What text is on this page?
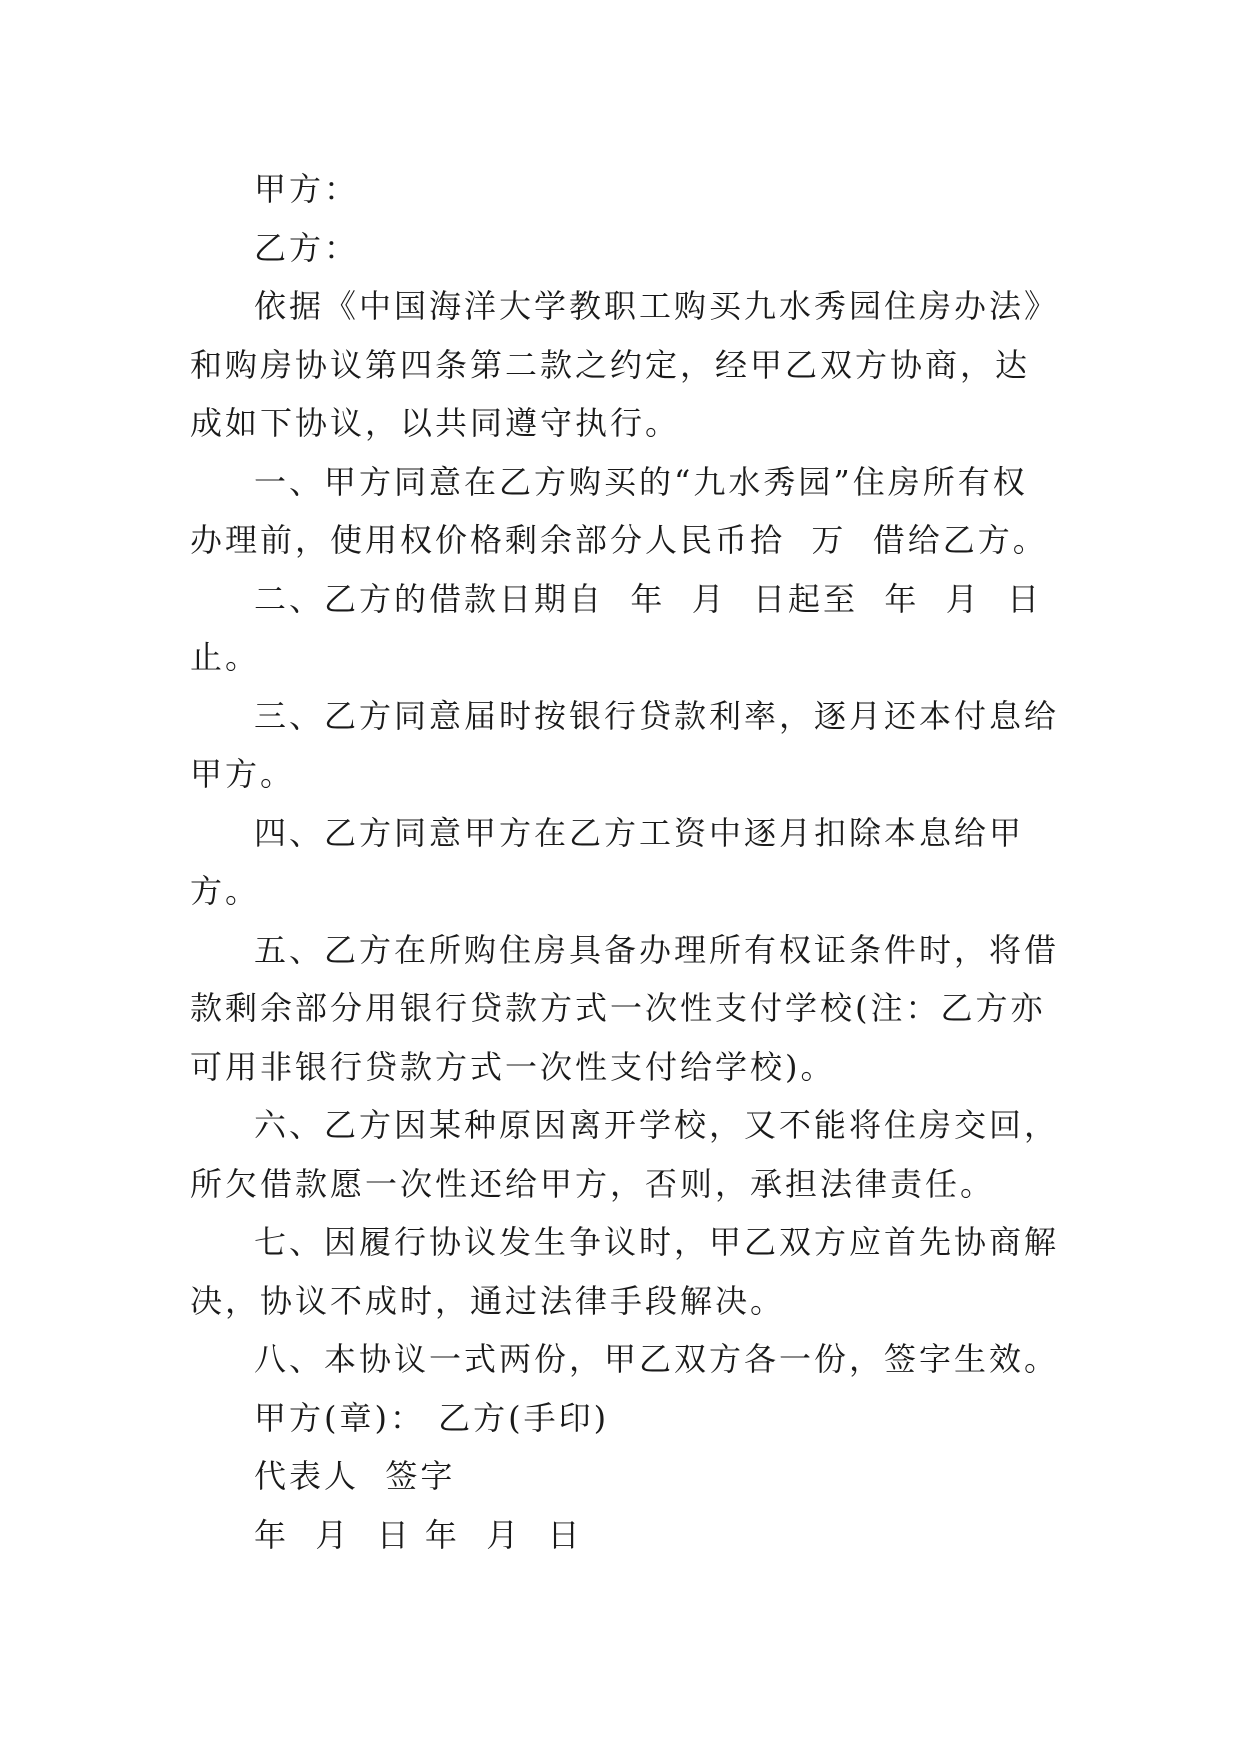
甲方：

乙方：

依据《中国海洋大学教职工购买九水秀园住房办法》和购房协议第四条第二款之约定，经甲乙双方协商，达成如下协议，以共同遵守执行。

一、甲方同意在乙方购买的“九水秀园”住房所有权办理前，使用权价格剩余部分人民币拾  万  借给乙方。

二、乙方的借款日期自  年  月  日起至  年  月  日止。

三、乙方同意届时按银行贷款利率，逐月还本付息给甲方。

四、乙方同意甲方在乙方工资中逐月扣除本息给甲方。

五、乙方在所购住房具备办理所有权证条件时，将借款剩余部分用银行贷款方式一次性支付学校(注：乙方亦可用非银行贷款方式一次性支付给学校)。

六、乙方因某种原因离开学校，又不能将住房交回，所欠借款愿一次性还给甲方，否则，承担法律责任。

七、因履行协议发生争议时，甲乙双方应首先协商解决，协议不成时，通过法律手段解决。

八、本协议一式两份，甲乙双方各一份，签字生效。

甲方(章)： 乙方(手印)

代表人  签字

年  月  日 年  月  日
